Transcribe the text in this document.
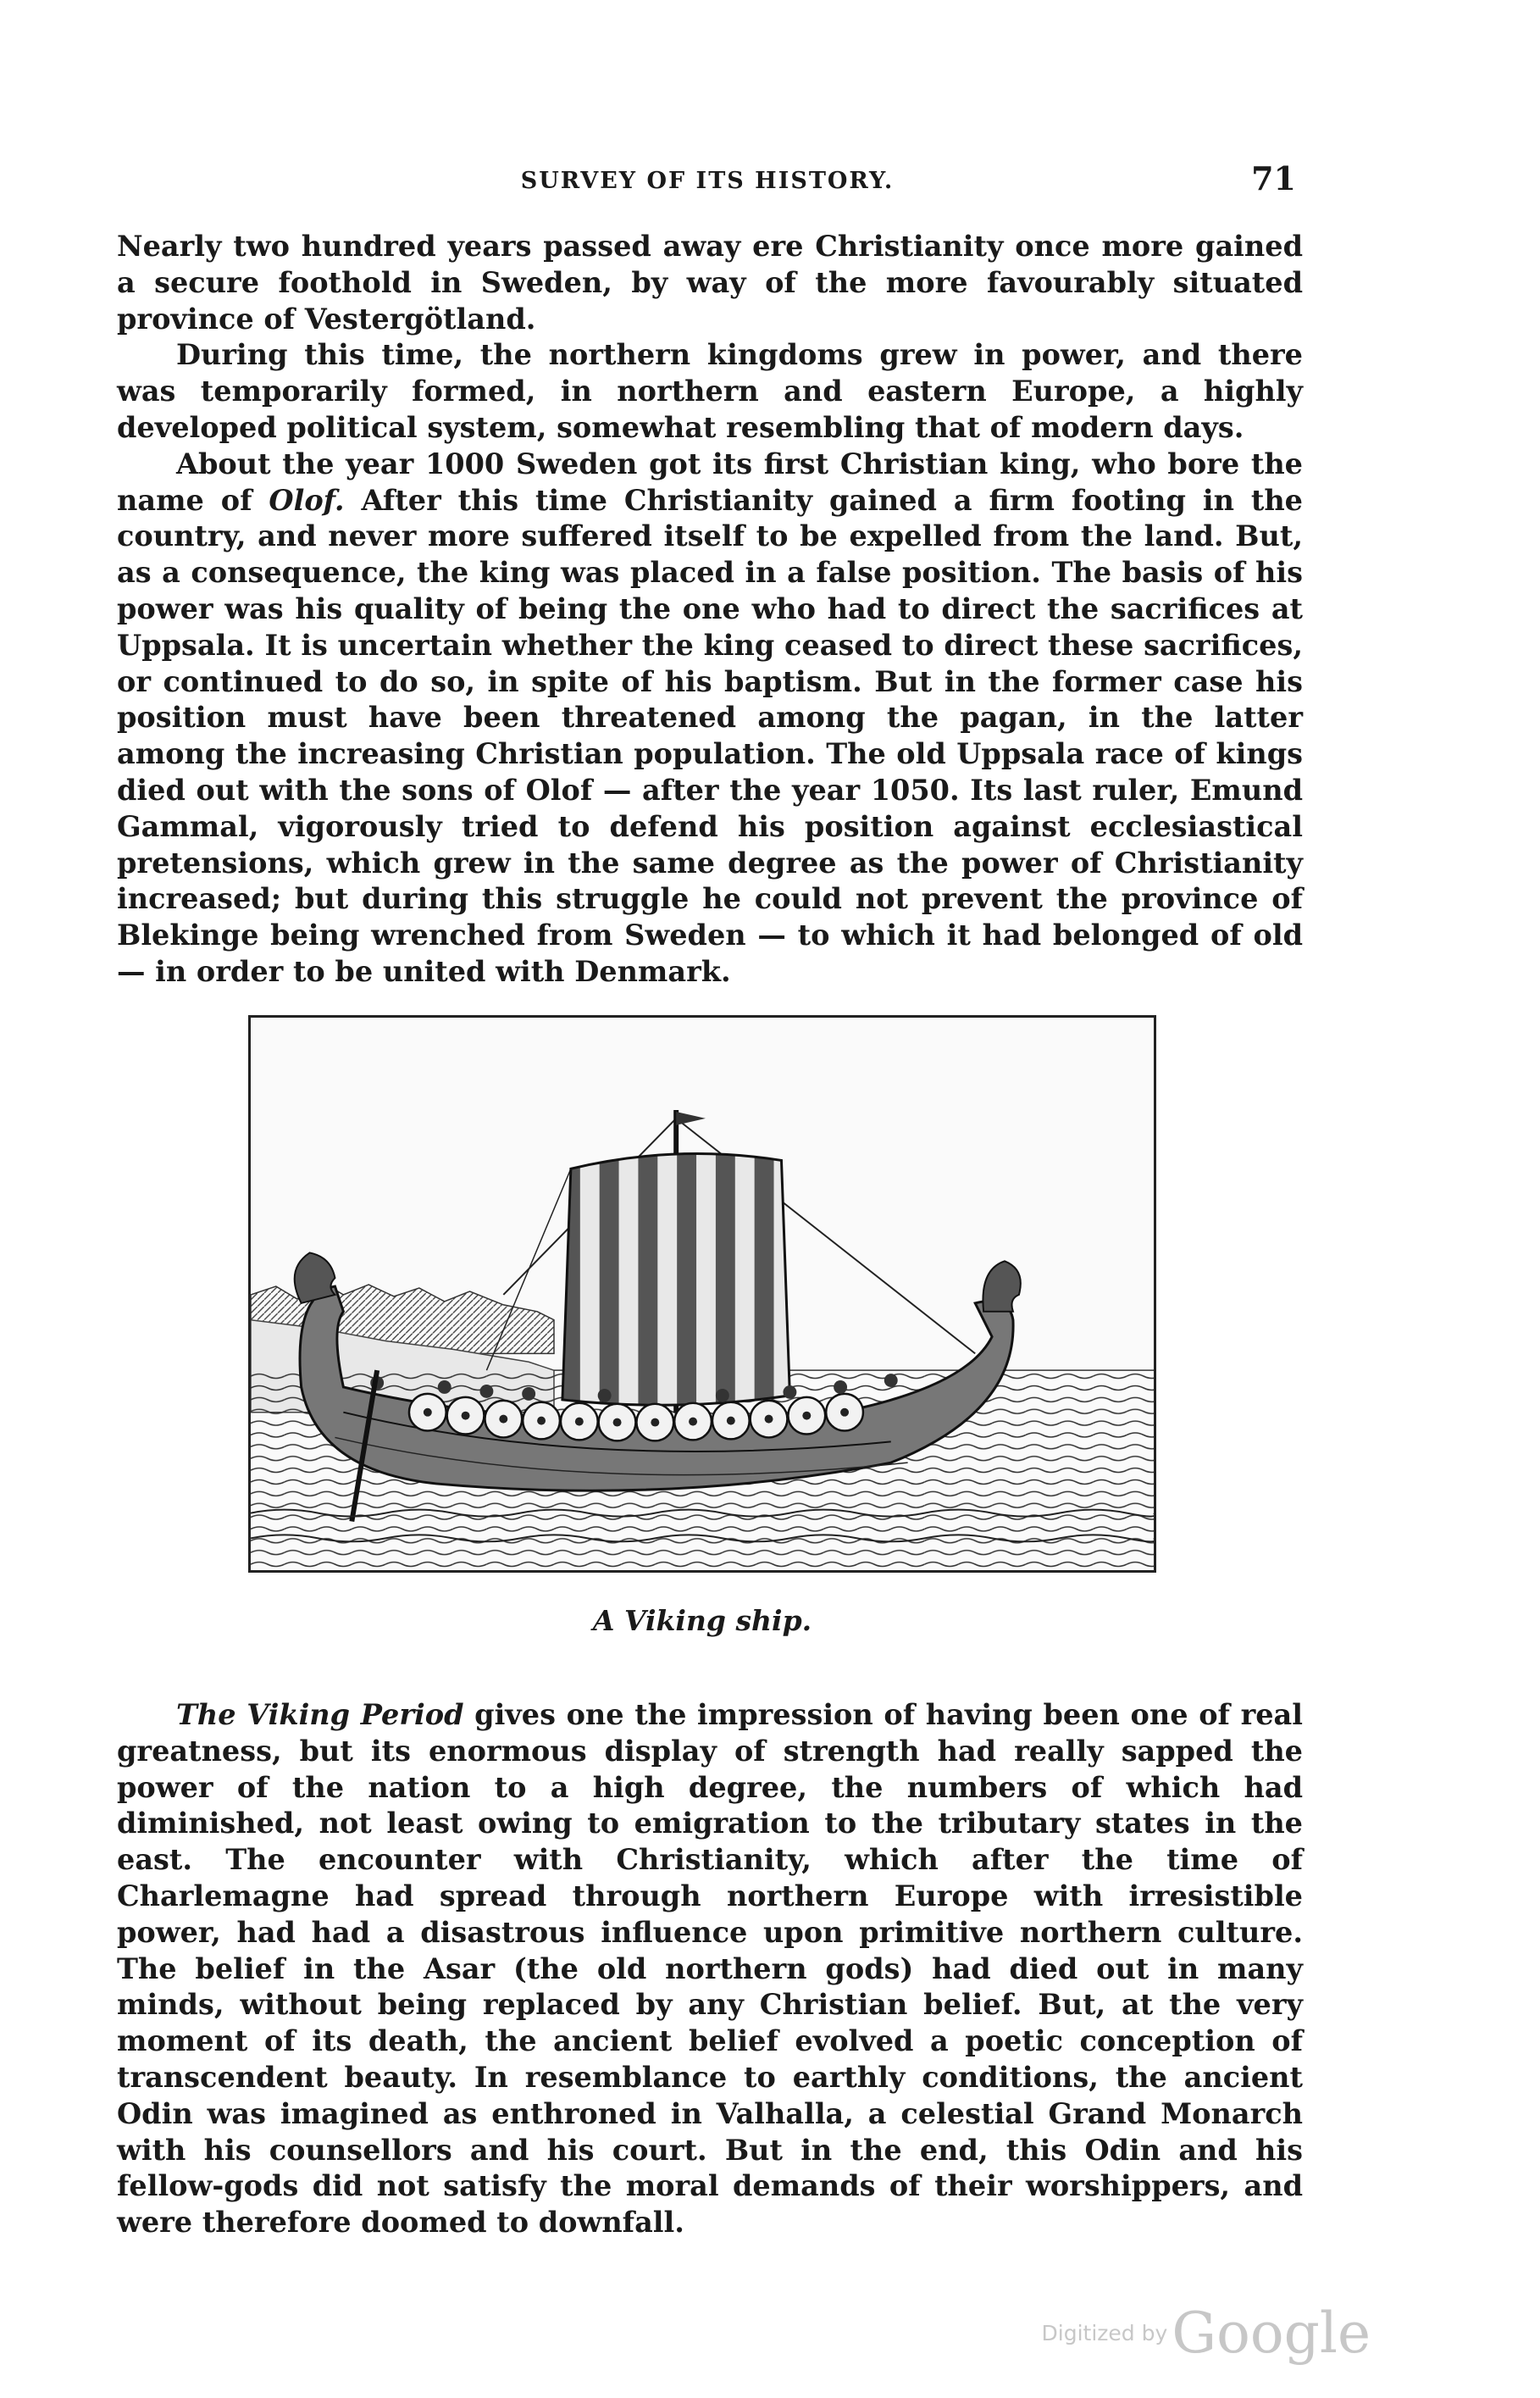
SURVEY OF ITS HISTORY.	71

Nearly two hundred years passed away ere Christianity once more gained a secure foothold in Sweden, by way of the more favourably situated province of Vestergötland.

During this time, the northern kingdoms grew in power, and there was temporarily formed, in northern and eastern Europe, a highly developed political system, somewhat resembling that of modern days.

About the year 1000 Sweden got its first Christian king, who bore the name of Olof. After this time Christianity gained a firm footing in the country, and never more suffered itself to be expelled from the land. But, as a consequence, the king was placed in a false position. The basis of his power was his quality of being the one who had to direct the sacrifices at Uppsala. It is uncertain whether the king ceased to direct these sacrifices, or continued to do so, in spite of his baptism. But in the former case his position must have been threatened among the pagan, in the latter among the increasing Christian population. The old Uppsala race of kings died out with the sons of Olof — after the year 1050. Its last ruler, Emund Gammal, vigorously tried to defend his position against ecclesiastical pretensions, which grew in the same degree as the power of Christianity increased; but during this struggle he could not prevent the province of Blekinge being wrenched from Sweden — to which it had belonged of old — in order to be united with Denmark.

A Viking ship.

The Viking Period gives one the impression of having been one of real greatness, but its enormous display of strength had really sapped the power of the nation to a high degree, the numbers of which had diminished, not least owing to emigration to the tributary states in the east. The encounter with Christianity, which after the time of Charlemagne had spread through northern Europe with irresistible power, had had a disastrous influence upon primitive northern culture. The belief in the Asar (the old northern gods) had died out in many minds, without being replaced by any Christian belief. But, at the very moment of its death, the ancient belief evolved a poetic conception of transcendent beauty. In resemblance to earthly conditions, the ancient Odin was imagined as enthroned in Valhalla, a celestial Grand Monarch with his counsellors and his court. But in the end, this Odin and his fellow-gods did not satisfy the moral demands of their worshippers, and were therefore doomed to downfall.

Digitized by Google
